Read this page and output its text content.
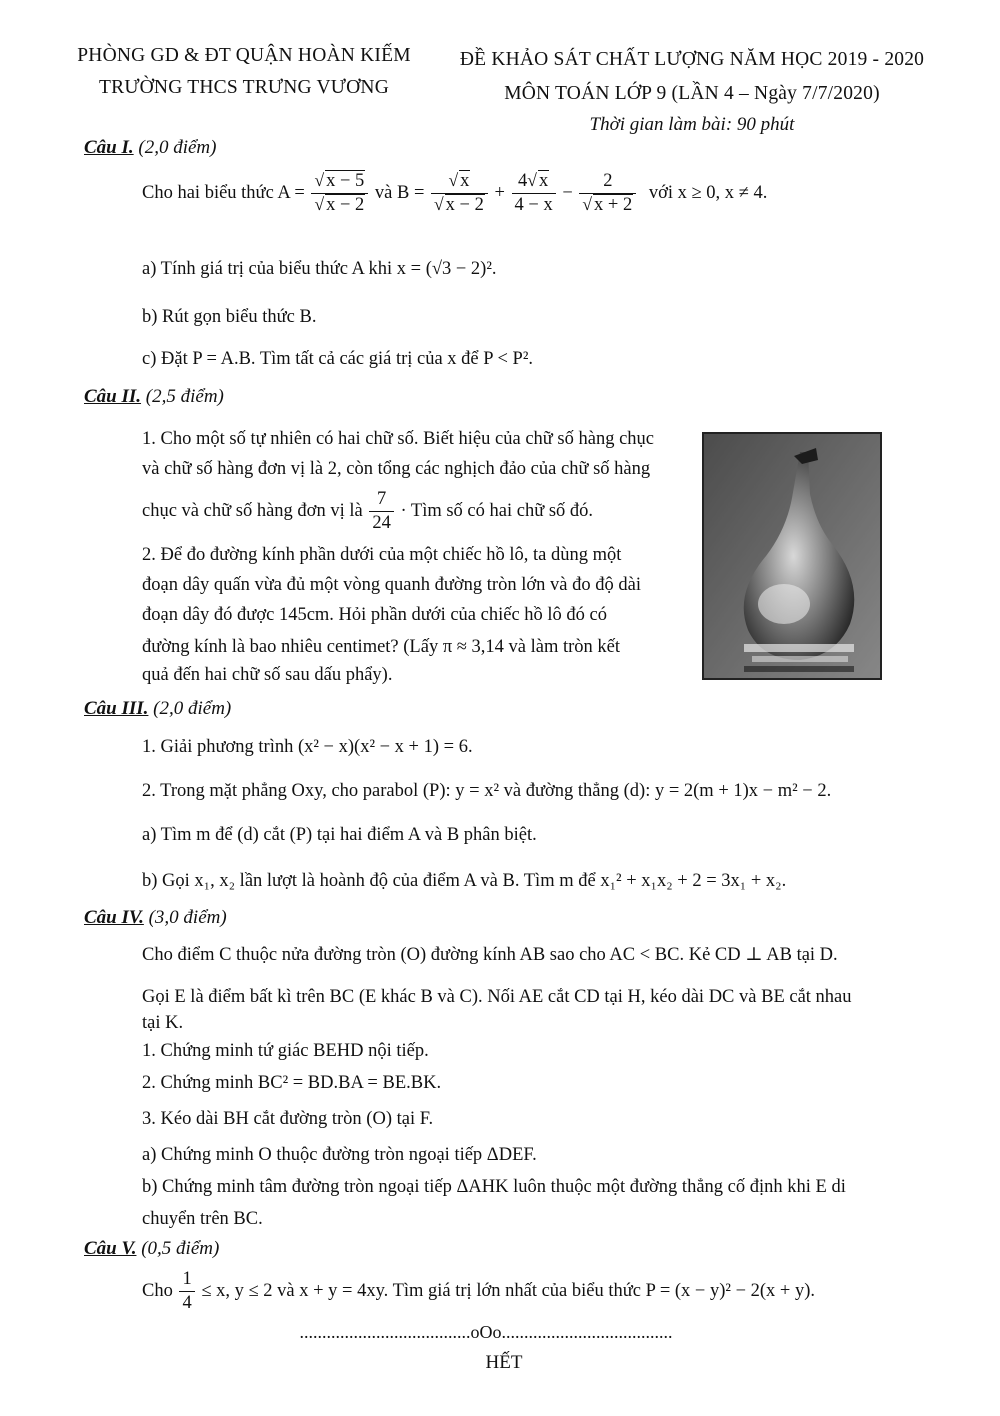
PHÒNG GD & ĐT QUẬN HOÀN KIẾM
TRƯỜNG THCS TRƯNG VƯƠNG
ĐỀ KHẢO SÁT CHẤT LƯỢNG NĂM HỌC 2019 - 2020
MÔN TOÁN LỚP 9 (LẦN 4 – Ngày 7/7/2020)
Thời gian làm bài: 90 phút
Câu I. (2,0 điểm)
Cho hai biểu thức $A = \frac{√ x - 5}{√ x - 2}$ và $B = \frac{√ x}{√ x - 2} + \frac{4√ x}{4 - x} - \frac{2}{√ x + 2}$ với x ≥ 0, x ≠ 4.
a) Tính giá trị của biểu thức A khi x = (√3 − 2)².
b) Rút gọn biểu thức B.
c) Đặt P = A.B. Tìm tất cả các giá trị của x để P < P².
Câu II. (2,5 điểm)
1. Cho một số tự nhiên có hai chữ số. Biết hiệu của chữ số hàng chục
và chữ số hàng đơn vị là 2, còn tổng các nghịch đảo của chữ số hàng
chục và chữ số hàng đơn vị là $\frac{7}{24}$ · Tìm số có hai chữ số đó.
2. Để đo đường kính phần dưới của một chiếc hồ lô, ta dùng một
đoạn dây quấn vừa đủ một vòng quanh đường tròn lớn và đo độ dài
đoạn dây đó được 145cm. Hỏi phần dưới của chiếc hồ lô đó có
đường kính là bao nhiêu centimet? (Lấy π ≈ 3,14 và làm tròn kết
quả đến hai chữ số sau dấu phẩy).
Câu III. (2,0 điểm)
1. Giải phương trình (x² − x)(x² − x + 1) = 6.
2. Trong mặt phẳng Oxy, cho parabol (P): y = x² và đường thẳng (d): y = 2(m + 1)x − m² − 2.
a) Tìm m để (d) cắt (P) tại hai điểm A và B phân biệt.
b) Gọi x₁, x₂ lần lượt là hoành độ của điểm A và B. Tìm m để x₁² + x₁x₂ + 2 = 3x₁ + x₂.
Câu IV. (3,0 điểm)
Cho điểm C thuộc nửa đường tròn (O) đường kính AB sao cho AC < BC. Kẻ CD ⊥ AB tại D.
Gọi E là điểm bất kì trên BC (E khác B và C). Nối AE cắt CD tại H, kéo dài DC và BE cắt nhau
tại K.
1. Chứng minh tứ giác BEHD nội tiếp.
2. Chứng minh BC² = BD.BA = BE.BK.
3. Kéo dài BH cắt đường tròn (O) tại F.
a) Chứng minh O thuộc đường tròn ngoại tiếp ΔDEF.
b) Chứng minh tâm đường tròn ngoại tiếp ΔAHK luôn thuộc một đường thẳng cố định khi E di
chuyển trên BC.
Câu V. (0,5 điểm)
Cho $\frac{1}{4} \le x$, y ≤ 2 và x + y = 4xy. Tìm giá trị lớn nhất của biểu thức P = (x − y)² − 2(x + y).
......................................oOo......................................
HẾT
